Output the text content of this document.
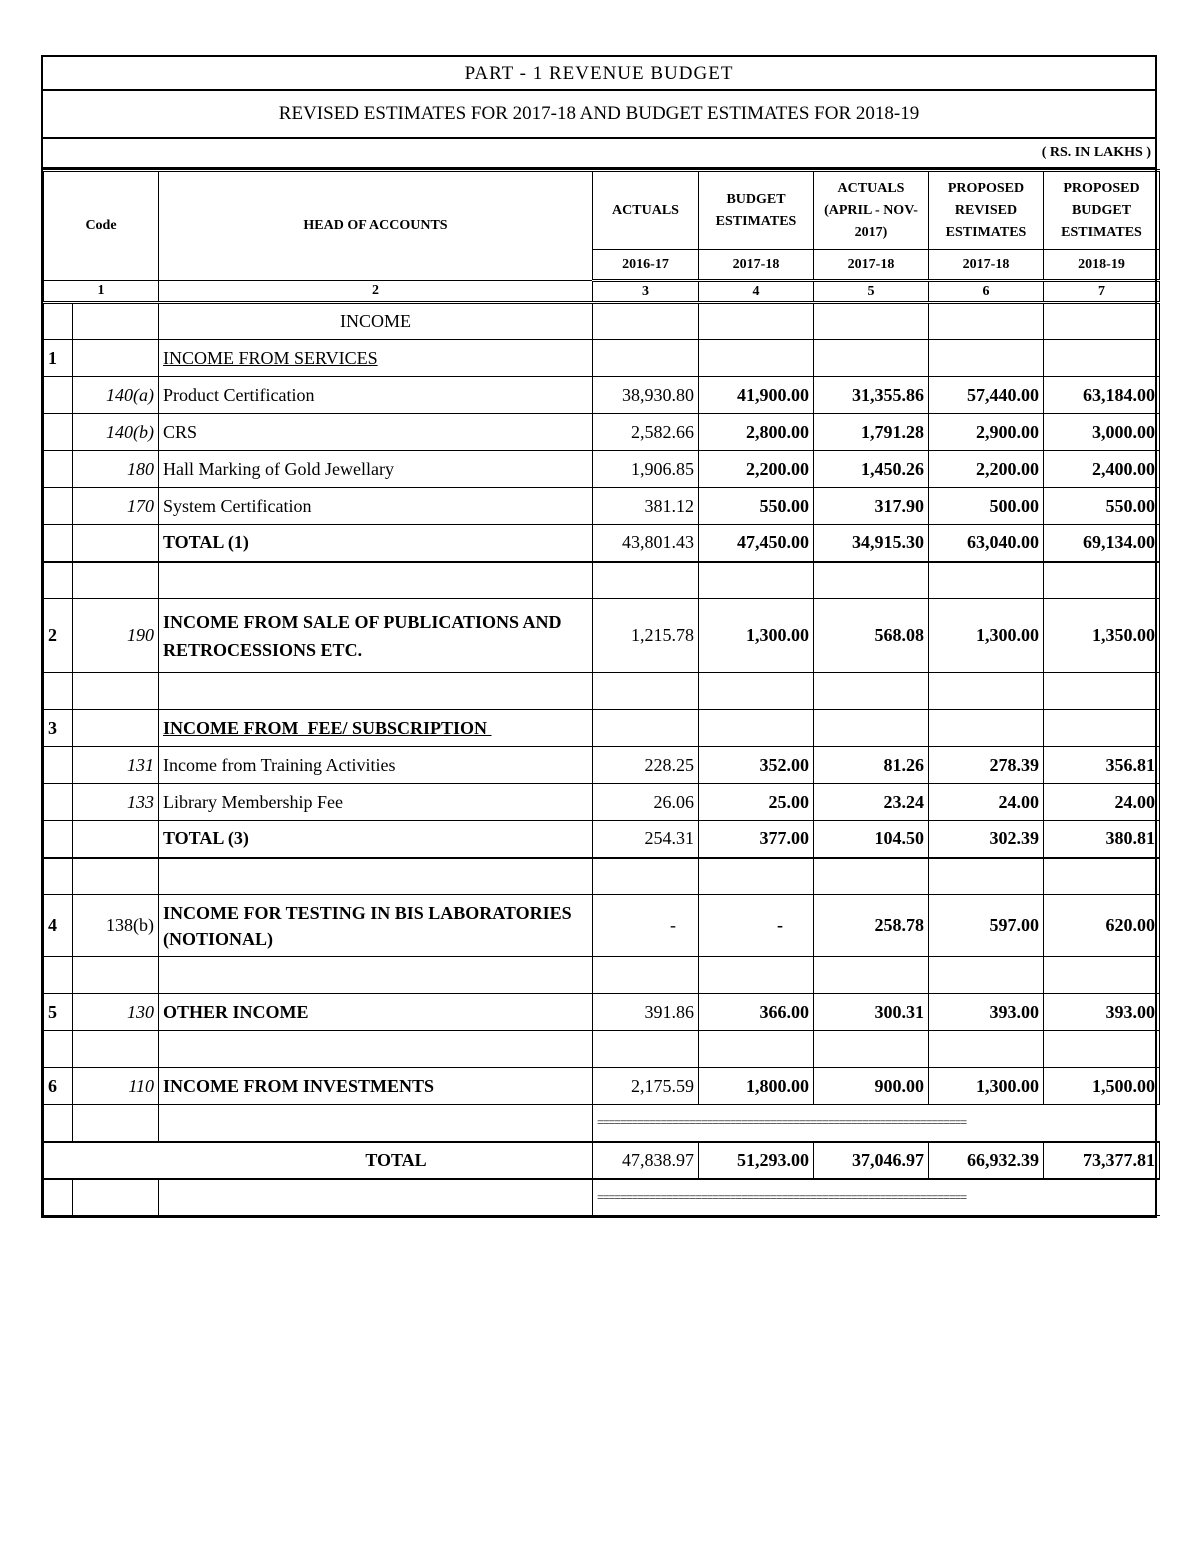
PART - 1 REVENUE BUDGET
REVISED ESTIMATES FOR 2017-18 AND BUDGET ESTIMATES FOR 2018-19
( RS. IN LAKHS )
Code		HEAD OF ACCOUNTS	ACTUALS	BUDGET ESTIMATES	ACTUALS (APRIL - NOV-2017)	PROPOSED REVISED ESTIMATES	PROPOSED BUDGET ESTIMATES
			2016-17	2017-18	2017-18	2017-18	2018-19
1		2	3	4	5	6	7
		INCOME					
1		INCOME FROM SERVICES					
	140(a)	Product Certification	38,930.80	41,900.00	31,355.86	57,440.00	63,184.00
	140(b)	CRS	2,582.66	2,800.00	1,791.28	2,900.00	3,000.00
	180	Hall Marking of Gold Jewellary	1,906.85	2,200.00	1,450.26	2,200.00	2,400.00
	170	System Certification	381.12	550.00	317.90	500.00	550.00
		TOTAL (1)	43,801.43	47,450.00	34,915.30	63,040.00	69,134.00

2	190	INCOME FROM SALE OF PUBLICATIONS AND RETROCESSIONS ETC.	1,215.78	1,300.00	568.08	1,300.00	1,350.00

3		INCOME FROM  FEE/ SUBSCRIPTION					
	131	Income from Training Activities	228.25	352.00	81.26	278.39	356.81
	133	Library Membership Fee	26.06	25.00	23.24	24.00	24.00
		TOTAL (3)	254.31	377.00	104.50	302.39	380.81

4	138(b)	INCOME FOR TESTING IN BIS LABORATORIES (NOTIONAL)	-	-	258.78	597.00	620.00

5	130	OTHER INCOME	391.86	366.00	300.31	393.00	393.00

6	110	INCOME FROM INVESTMENTS	2,175.59	1,800.00	900.00	1,300.00	1,500.00
			================================================================				
TOTAL			47,838.97	51,293.00	37,046.97	66,932.39	73,377.81
			================================================================				
